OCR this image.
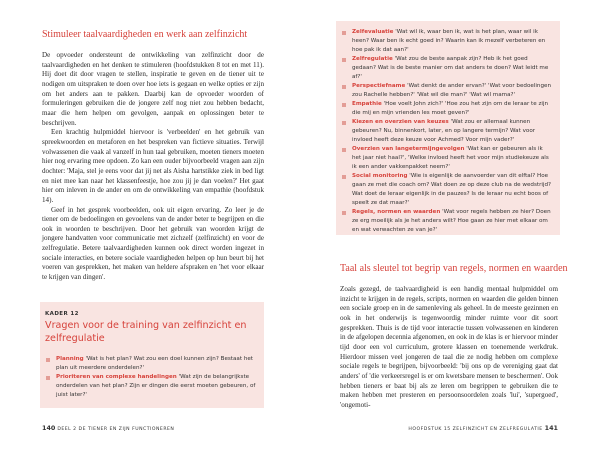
Stimuleer taalvaardigheden en werk aan zelfinzicht

De opvoeder ondersteunt de ontwikkeling van zelfinzicht door de taalvaardigheden en het denken te stimuleren (hoofdstukken 8 tot en met 11). Hij doet dit door vragen te stellen, inspiratie te geven en de tiener uit te nodigen om uitspraken te doen over hoe iets is gegaan en welke opties er zijn om het anders aan te pakken. Daarbij kan de opvoeder woorden of formuleringen gebruiken die de jongere zelf nog niet zou hebben bedacht, maar die hem helpen om gevolgen, aanpak en oplossingen beter te beschrijven.

Een krachtig hulpmiddel hiervoor is 'verbeelden' en het gebruik van spreekwoorden en metaforen en het bespreken van fictieve situaties. Terwijl volwassenen die vaak al vanzelf in hun taal gebruiken, moeten tieners moeten hier nog ervaring mee opdoen. Zo kan een ouder bijvoorbeeld vragen aan zijn dochter: 'Maja, stel je eens voor dat jij net als Aisha hartstikke ziek in bed ligt en niet mee kan naar het klassenfeestje, hoe zou jij je dan voelen?' Het gaat hier om inleven in de ander en om de ontwikkeling van empathie (hoofdstuk 14).

Geef in het gesprek voorbeelden, ook uit eigen ervaring. Zo leer je de tiener om de bedoelingen en gevoelens van de ander beter te begrijpen en die ook in woorden te beschrijven. Door het gebruik van woorden krijgt de jongere handvatten voor communicatie met zichzelf (zelfinzicht) en voor de zelfregulatie. Betere taalvaardigheden kunnen ook direct worden ingezet in sociale interacties, en betere sociale vaardigheden helpen op hun beurt bij het voeren van gesprekken, het maken van heldere afspraken en 'het voor elkaar te krijgen van dingen'.

KADER 12
Vragen voor de training van zelfinzicht en zelfregulatie
Planning 'Wat is het plan? Wat zou een doel kunnen zijn? Bestaat het plan uit meerdere onderdelen?'
Prioriteren van complexe handelingen 'Wat zijn de belangrijkste onderdelen van het plan? Zijn er dingen die eerst moeten gebeuren, of juist later?'
140 DEEL 2 DE TIENER EN ZIJN FUNCTIONEREN
Zelfevaluatie 'Wat wil ik, waar ben ik, wat is het plan, waar wil ik heen? Waar ben ik echt goed in? Waarin kan ik mezelf verbeteren en hoe pak ik dat aan?'
Zelfregulatie 'Wat zou de beste aanpak zijn? Heb ik het goed gedaan? Wat is de beste manier om dat anders te doen? Wat leidt me af?'
Perspectiefname 'Wat denkt de ander ervan?' 'Wat voor bedoelingen zou Rachelle hebben?' 'Wat wil die man?' 'Wat wil mama?'
Empathie 'Hoe voelt John zich?' 'Hoe zou het zijn om de leraar te zijn die mij en mijn vrienden les moet geven?'
Kiezen en overzien van keuzes 'Wat zou er allemaal kunnen gebeuren? Nu, binnenkort, later, en op langere termijn? Wat voor invloed heeft deze keuze voor Achmed? Voor mijn vader?'
Overzien van langetermijngevolgen 'Wat kan er gebeuren als ik het jaar niet haal?', 'Welke invloed heeft het voor mijn studiekeuze als ik een ander vakkenpakket neem?'
Social monitoring 'Wie is eigenlijk de aanvoerder van dit elftal? Hoe gaan ze met die coach om? Wat doen ze op deze club na de wedstrijd? Wat doet de leraar eigenlijk in de pauzes? Is de leraar nu echt boos of speelt ze dat maar?'
Regels, normen en waarden 'Wat voor regels hebben ze hier? Doen ze erg moeilijk als je het anders wilt? Hoe gaan ze hier met elkaar om en wat verwachten ze van je?'
Taal als sleutel tot begrip van regels, normen en waarden

Zoals gezegd, de taalvaardigheid is een handig mentaal hulpmiddel om inzicht te krijgen in de regels, scripts, normen en waarden die gelden binnen een sociale groep en in de samenleving als geheel. In de meeste gezinnen en ook in het onderwijs is tegenwoordig minder ruimte voor dit soort gesprekken. Thuis is de tijd voor interactie tussen volwassenen en kinderen in de afgelopen decennia afgenomen, en ook in de klas is er hiervoor minder tijd door een vol curriculum, grotere klassen en toenemende werkdruk. Hierdoor missen veel jongeren de taal die ze nodig hebben om complexe sociale regels te begrijpen, bijvoorbeeld: 'bij ons op de vereniging gaat dat anders' of 'die verkeersregel is er om kwetsbare mensen te beschermen'. Ook hebben tieners er baat bij als ze leren om begrippen te gebruiken die te maken hebben met presteren en persoonsoordelen zoals 'lui', 'supergoed', 'ongemoti-

HOOFDSTUK 15 ZELFINZICHT EN ZELFREGULATIE 141
